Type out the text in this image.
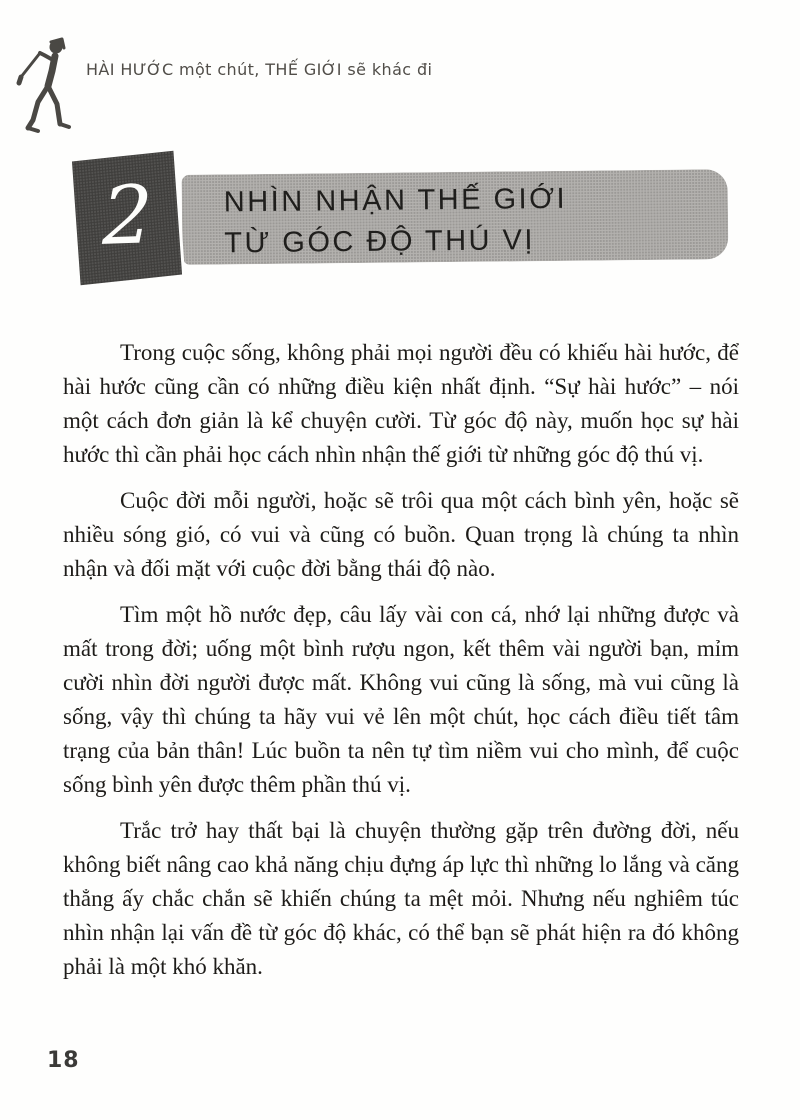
HÀI HƯỚC một chút, THẾ GIỚI sẽ khác đi
NHÌN NHẬN THẾ GIỚI
TỪ GÓC ĐỘ THÚ VỊ
2

Trong cuộc sống, không phải mọi người đều có khiếu hài hước, để hài hước cũng cần có những điều kiện nhất định. “Sự hài hước” – nói một cách đơn giản là kể chuyện cười. Từ góc độ này, muốn học sự hài hước thì cần phải học cách nhìn nhận thế giới từ những góc độ thú vị.

Cuộc đời mỗi người, hoặc sẽ trôi qua một cách bình yên, hoặc sẽ nhiều sóng gió, có vui và cũng có buồn. Quan trọng là chúng ta nhìn nhận và đối mặt với cuộc đời bằng thái độ nào.

Tìm một hồ nước đẹp, câu lấy vài con cá, nhớ lại những được và mất trong đời; uống một bình rượu ngon, kết thêm vài người bạn, mỉm cười nhìn đời người được mất. Không vui cũng là sống, mà vui cũng là sống, vậy thì chúng ta hãy vui vẻ lên một chút, học cách điều tiết tâm trạng của bản thân! Lúc buồn ta nên tự tìm niềm vui cho mình, để cuộc sống bình yên được thêm phần thú vị.

Trắc trở hay thất bại là chuyện thường gặp trên đường đời, nếu không biết nâng cao khả năng chịu đựng áp lực thì những lo lắng và căng thẳng ấy chắc chắn sẽ khiến chúng ta mệt mỏi. Nhưng nếu nghiêm túc nhìn nhận lại vấn đề từ góc độ khác, có thể bạn sẽ phát hiện ra đó không phải là một khó khăn.

18
